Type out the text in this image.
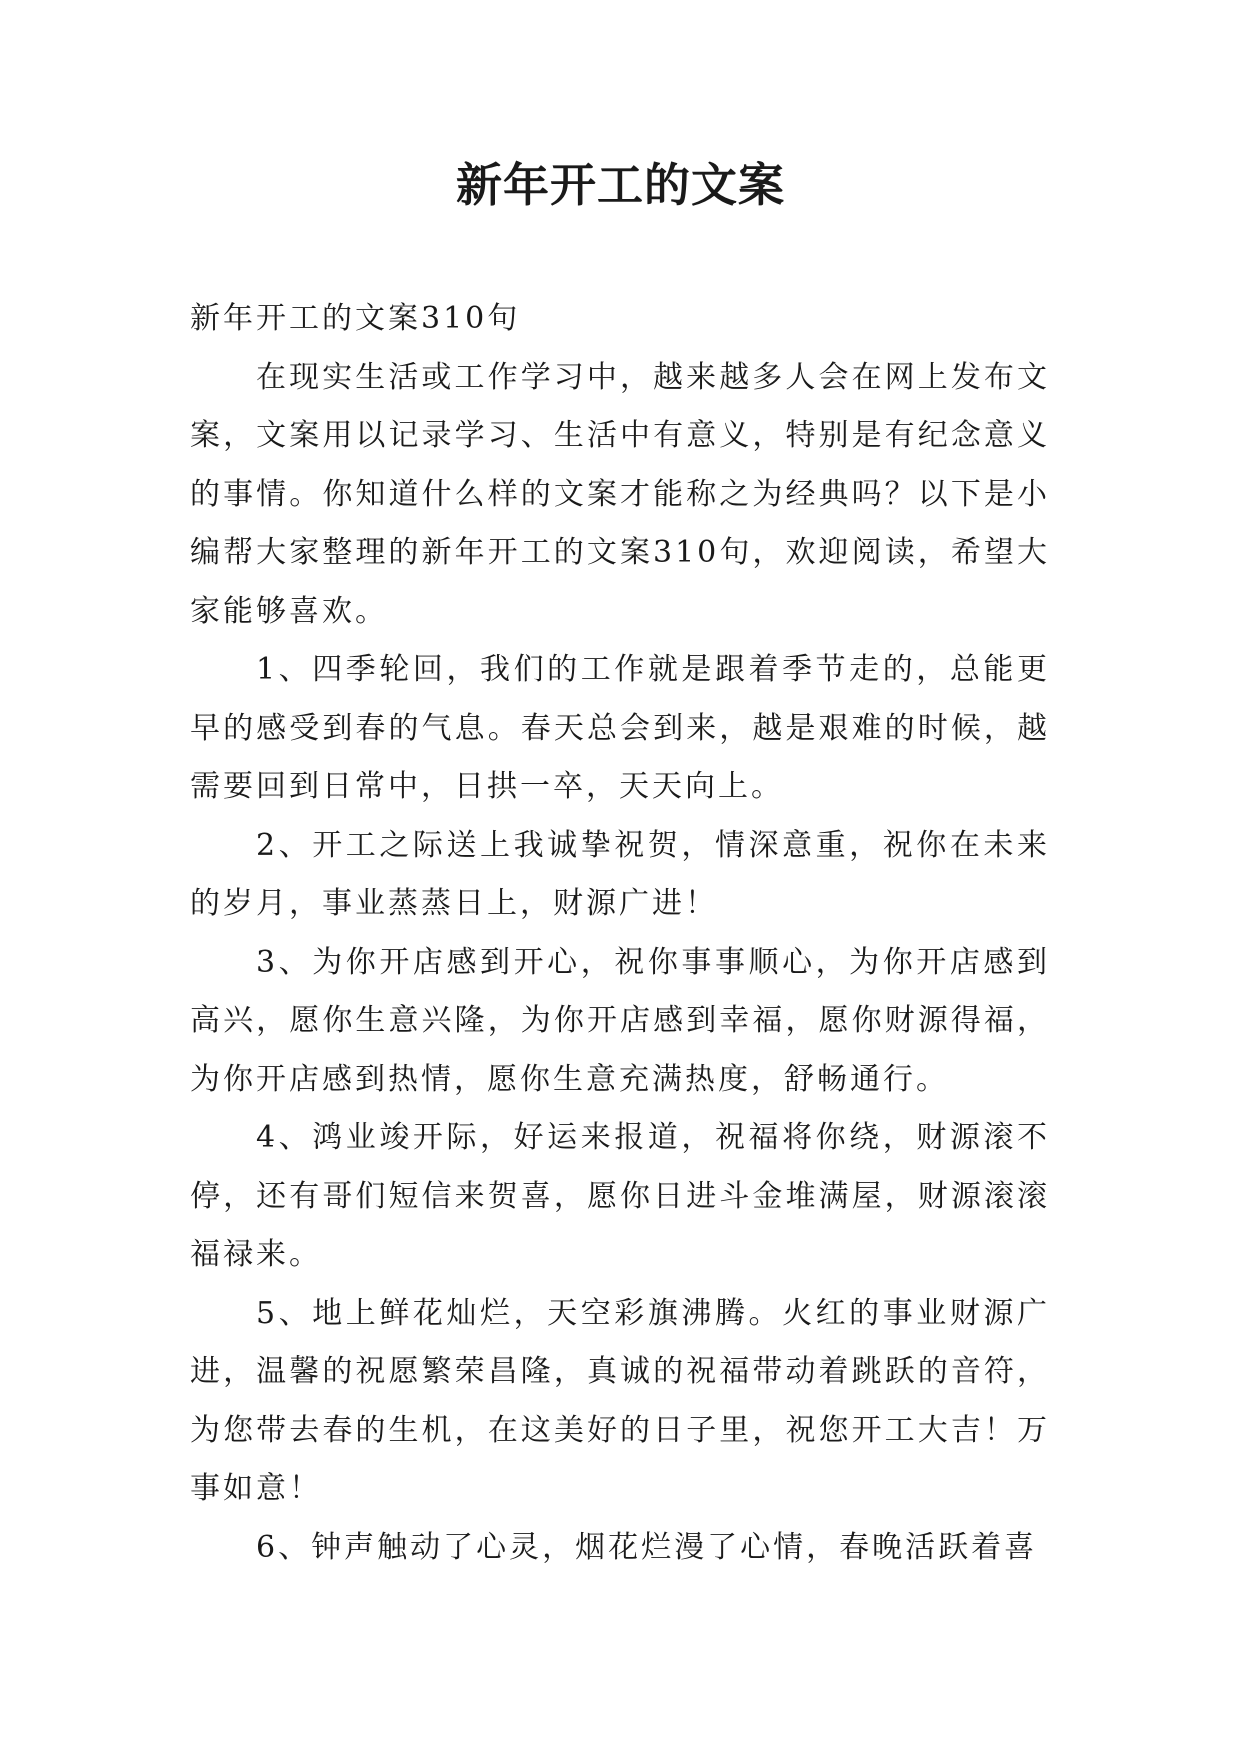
新年开工的文案

新年开工的文案310句

在现实生活或工作学习中，越来越多人会在网上发布文案，文案用以记录学习、生活中有意义，特别是有纪念意义的事情。你知道什么样的文案才能称之为经典吗？以下是小编帮大家整理的新年开工的文案310句，欢迎阅读，希望大家能够喜欢。

1、四季轮回，我们的工作就是跟着季节走的，总能更早的感受到春的气息。春天总会到来，越是艰难的时候，越需要回到日常中，日拱一卒，天天向上。

2、开工之际送上我诚挚祝贺，情深意重，祝你在未来的岁月，事业蒸蒸日上，财源广进！

3、为你开店感到开心，祝你事事顺心，为你开店感到高兴，愿你生意兴隆，为你开店感到幸福，愿你财源得福，为你开店感到热情，愿你生意充满热度，舒畅通行。

4、鸿业竣开际，好运来报道，祝福将你绕，财源滚不停，还有哥们短信来贺喜，愿你日进斗金堆满屋，财源滚滚福禄来。

5、地上鲜花灿烂，天空彩旗沸腾。火红的事业财源广进，温馨的祝愿繁荣昌隆，真诚的祝福带动着跳跃的音符，为您带去春的生机，在这美好的日子里，祝您开工大吉！万事如意！

6、钟声触动了心灵，烟花烂漫了心情，春晚活跃着喜
